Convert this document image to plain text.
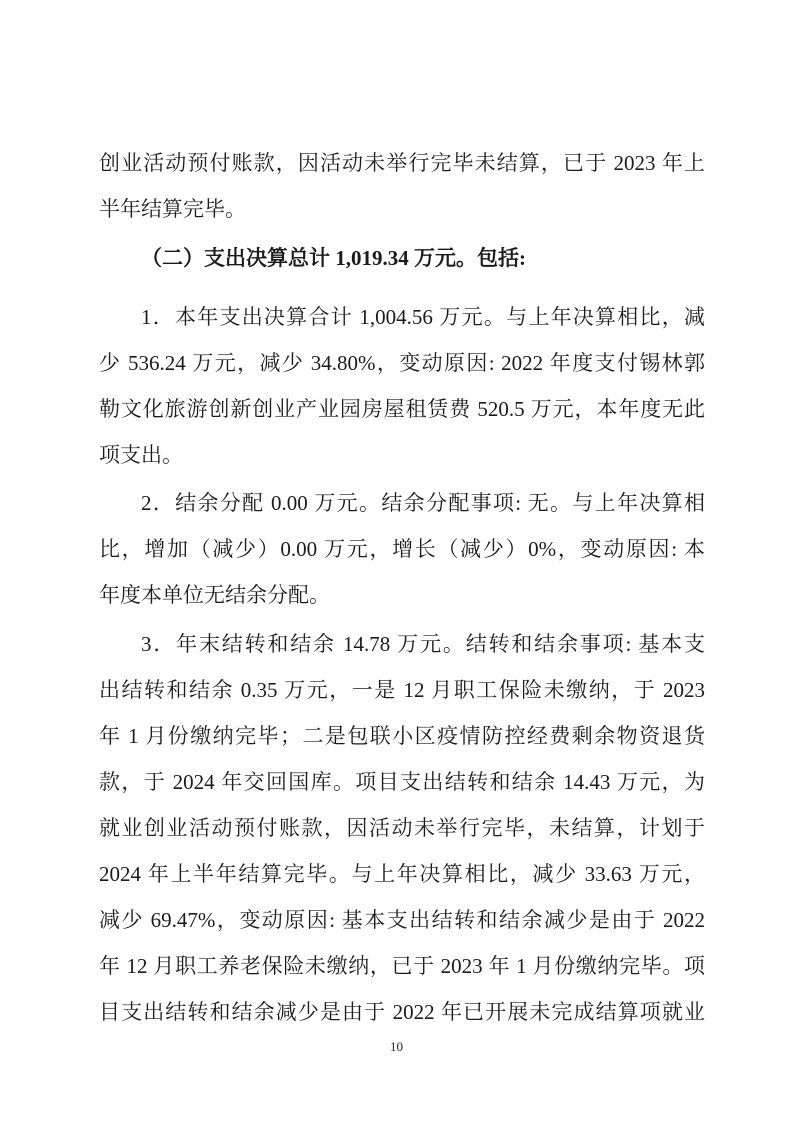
创业活动预付账款，因活动未举行完毕未结算，已于 2023 年上
半年结算完毕。
（二）支出决算总计 1,019.34 万元。包括:
1．本年支出决算合计 1,004.56 万元。与上年决算相比，减
少 536.24 万元，减少 34.80%，变动原因: 2022 年度支付锡林郭
勒文化旅游创新创业产业园房屋租赁费 520.5 万元，本年度无此
项支出。
2．结余分配 0.00 万元。结余分配事项: 无。与上年决算相
比，增加（减少）0.00 万元，增长（减少）0%，变动原因: 本
年度本单位无结余分配。
3．年末结转和结余 14.78 万元。结转和结余事项: 基本支
出结转和结余 0.35 万元，一是 12 月职工保险未缴纳，于 2023
年 1 月份缴纳完毕；二是包联小区疫情防控经费剩余物资退货
款，于 2024 年交回国库。项目支出结转和结余 14.43 万元，为
就业创业活动预付账款，因活动未举行完毕，未结算，计划于
2024 年上半年结算完毕。与上年决算相比，减少 33.63 万元，
减少 69.47%，变动原因: 基本支出结转和结余减少是由于 2022
年 12 月职工养老保险未缴纳，已于 2023 年 1 月份缴纳完毕。项
目支出结转和结余减少是由于 2022 年已开展未完成结算项就业
10
